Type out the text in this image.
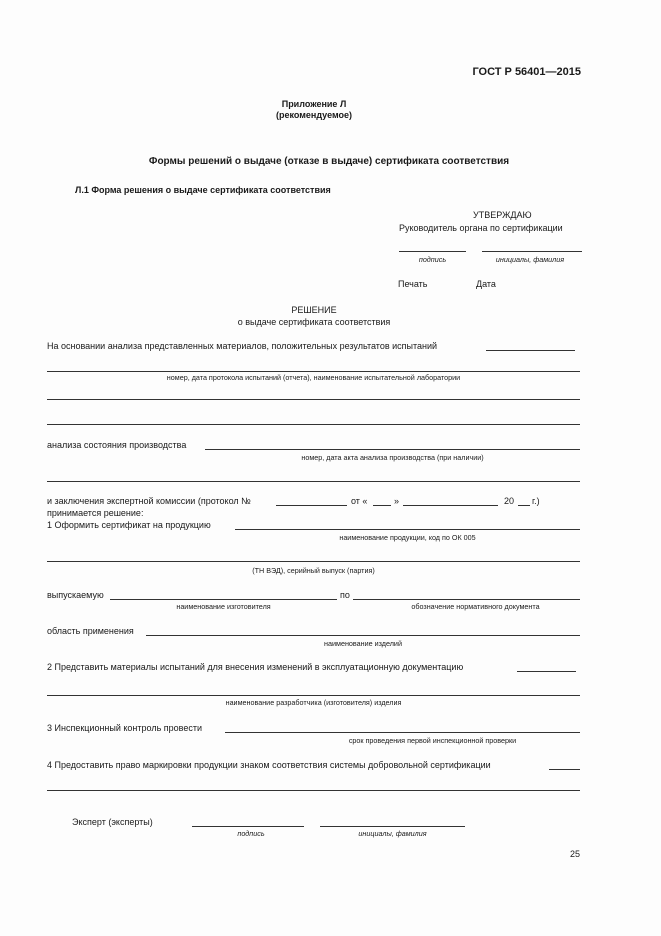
ГОСТ Р 56401—2015
Приложение Л
(рекомендуемое)
Формы решений о выдаче (отказе в выдаче) сертификата соответствия
Л.1 Форма решения о выдаче сертификата соответствия
УТВЕРЖДАЮ
Руководитель органа по сертификации
подпись	инициалы, фамилия
Печать	Дата
РЕШЕНИЕ
о выдаче сертификата соответствия
На основании анализа представленных материалов, положительных результатов испытаний
номер, дата протокола испытаний (отчета), наименование испытательной лаборатории
анализа состояния производства
номер, дата акта анализа производства (при наличии)
и заключения экспертной комиссии (протокол №	от «	»	20 г.)
принимается решение:
1 Оформить сертификат на продукцию
наименование продукции, код по ОК 005
(ТН ВЭД), серийный выпуск (партия)
выпускаемую	по
наименование изготовителя	обозначение нормативного документа
область применения
наименование изделий
2 Представить материалы испытаний для внесения изменений в эксплуатационную документацию
наименование разработчика (изготовителя) изделия
3 Инспекционный контроль провести
срок проведения первой инспекционной проверки
4 Предоставить право маркировки продукции знаком соответствия системы добровольной сертификации
Эксперт (эксперты)
подпись	инициалы, фамилия
25
